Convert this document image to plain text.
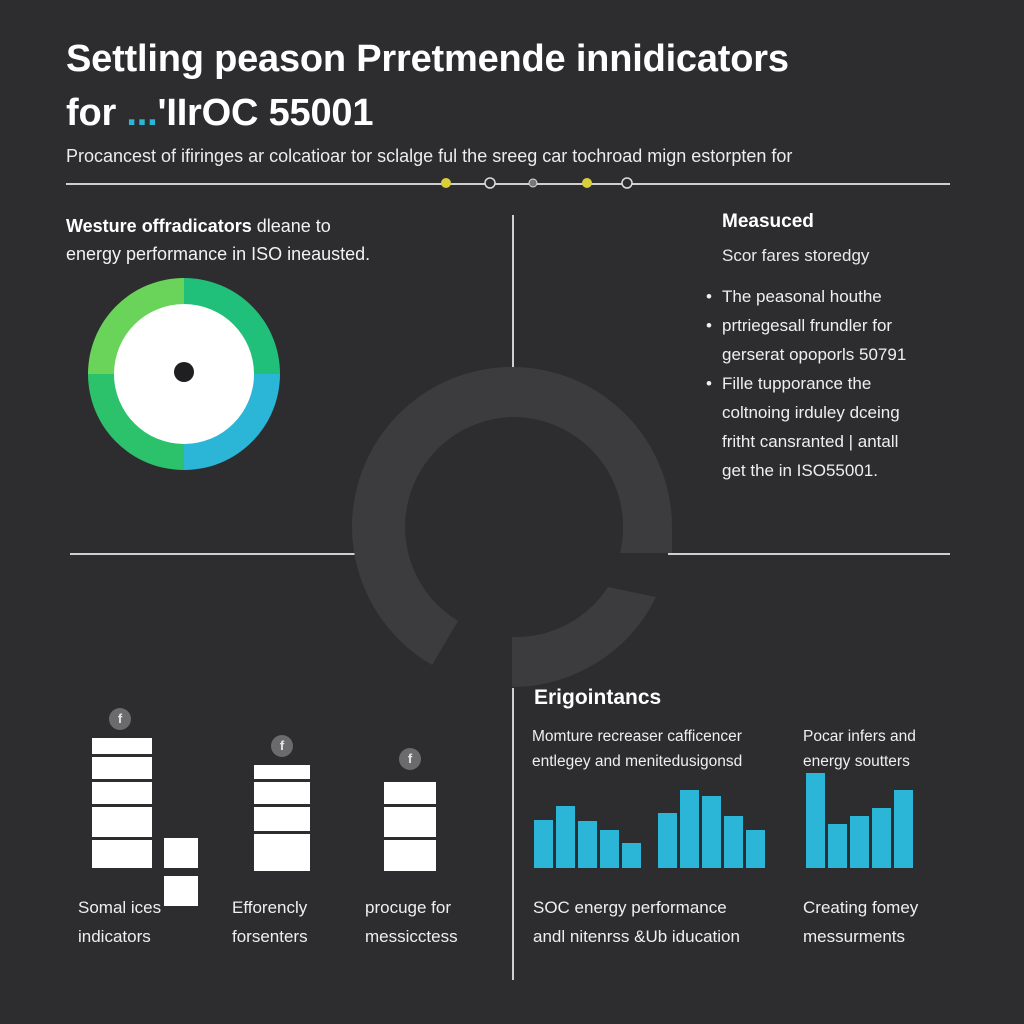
Settling peason Prretmende innidicators
for ...'IIrOC 55001
Procancest of ifiringes ar colcatioar tor sclalge ful the sreeg car tochroad mign estorpten for
Westure offradicators dleane to
energy performance in ISO ineausted.
Measuced
Scor fares storedgy
• The peasonal houthe
• prtriegesall frundler for
gerserat opoporls 50791
• Fille tupporance the
coltnoing irduley dceing
fritht cansranted | antall
get the in ISO55001.
f

f
f
Somal ices
indicators
Efforencly
forsenters
procuge for
messicctess
Erigointancs
Momture recreaser cafficencer
entlegey and menitedusigonsd
Pocar infers and
energy soutters
SOC energy performance
andl nitenrss &Ub iducation
Creating fomey
messurments
